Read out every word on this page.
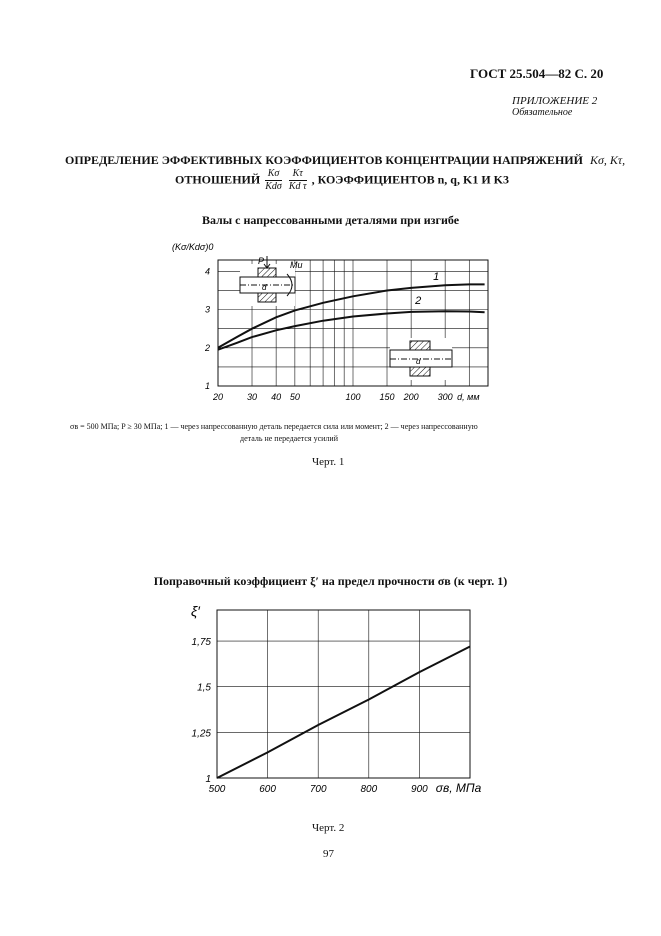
ГОСТ 25.504—82 С. 20
ПРИЛОЖЕНИЕ 2
Обязательное
ОПРЕДЕЛЕНИЕ ЭФФЕКТИВНЫХ КОЭФФИЦИЕНТОВ КОНЦЕНТРАЦИИ НАПРЯЖЕНИЙ Kσ, Kτ,
ОТНОШЕНИЙ $\frac{K\sigma}{\text{Kdσ}}$
$\frac{K\tau}{\text{Kd τ}}$ , КОЭФФИЦИЕНТОВ n, q, K1 И K3
Валы с напрессованными деталями при изгибе
P	Mu
d
d
20	30 40 50	100 150 200 300
1
2
3
4
d, мм
(Kσ/Kdσ)0
1
2
σв = 500 МПа; P ≥ 30 МПа; 1 — через напрессованную деталь передается сила или момент; 2 — через напрессованную
деталь не передается усилий
Черт. 1
Поправочный коэффициент ξ′ на предел прочности σв (к черт. 1)
500	600	700	800	900
1
1,25
1,5
1,75
σв, МПа
ξ′
Черт. 2
97
